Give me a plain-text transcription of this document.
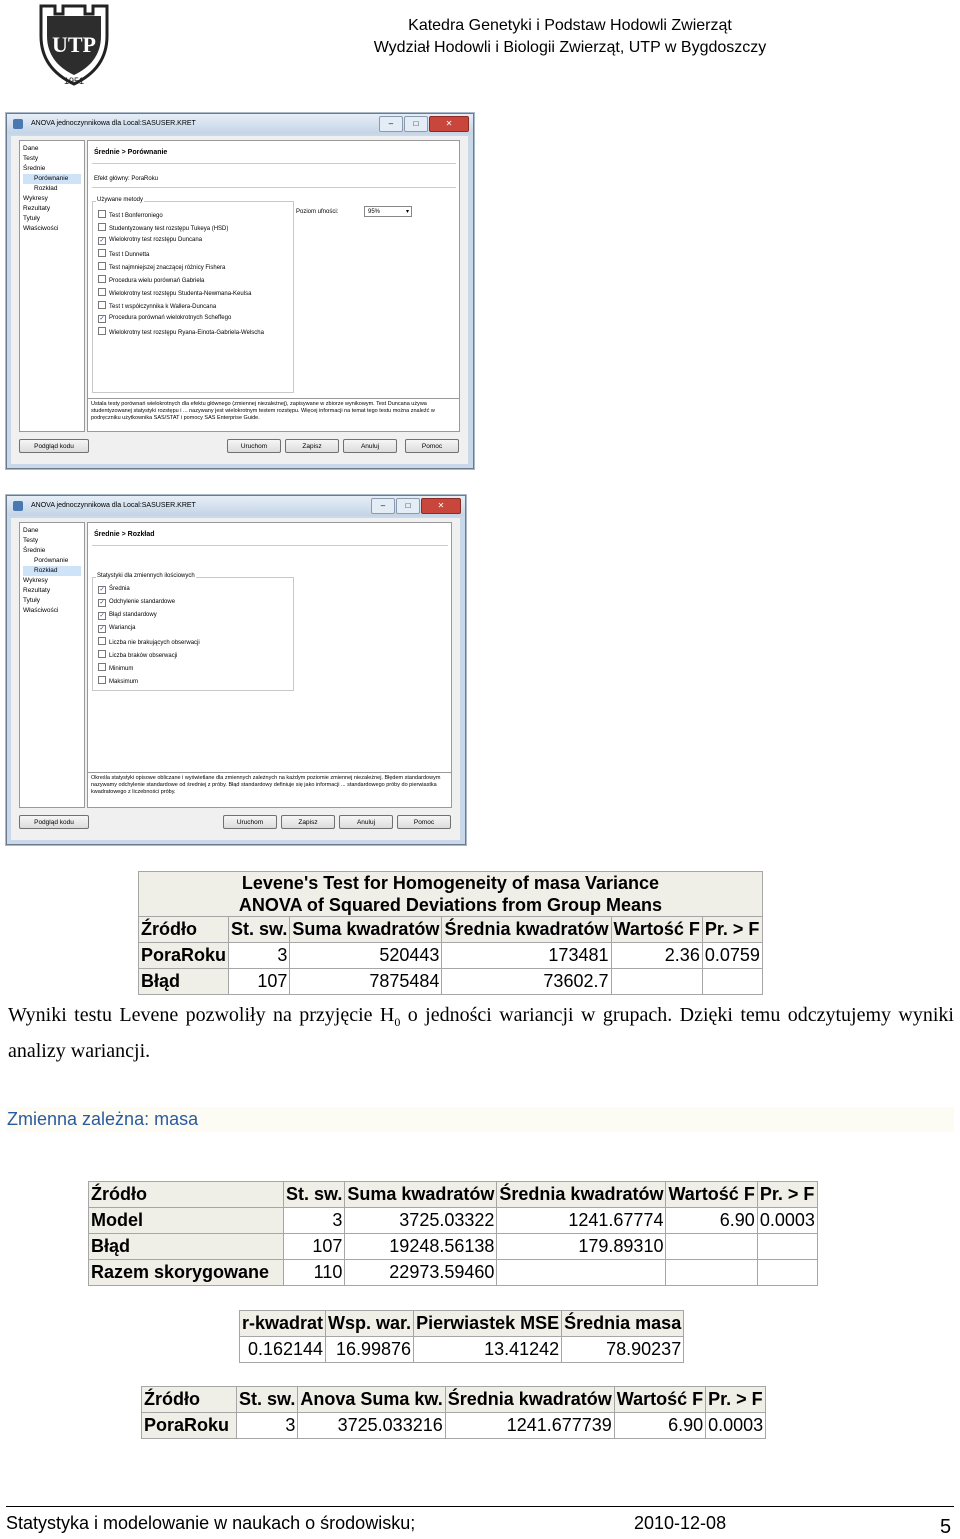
UTP
1951
Katedra Genetyki i Podstaw Hodowli Zwierząt
Wydział Hodowli i Biologii Zwierząt, UTP w Bygdoszczy
ANOVA jednoczynnikowa dla Local:SASUSER.KRET	–	□	✕
Dane
Testy
Średnie
Porównanie
Rozkład
Wykresy
Rezultaty
Tytuły
Właściwości
Średnie > Porównanie
Efekt główny: PoraRoku
Używane metody
Test t Bonferroniego
Studentyzowany test rozstępu Tukeya (HSD)
✓ Wielokrotny test rozstępu Duncana
Test t Dunnetta
Test najmniejszej znaczącej różnicy Fishera
Procedura wielu porównań Gabriela
Wielokrotny test rozstępu Studenta-Newmana-Keulsa
Test t współczynnika k Wallera-Duncana
✓ Procedura porównań wielokrotnych Scheffego
Wielokrotny test rozstępu Ryana-Einota-Gabriela-Welscha
Poziom ufności:	95%	▾
Ustala testy porównań wielokrotnych dla efektu głównego (zmiennej niezależnej), zapisywane w zbiorze wynikowym. Test Duncana używa studentyzowanej statystyki rozstępu i ... nazywany jest wielokrotnym testem rozstępu. Więcej informacji na temat tego testu można znaleźć w podręczniku użytkownika SAS/STAT i pomocy SAS Enterprise Guide.
Podgląd kodu	Uruchom	Zapisz	Anuluj	Pomoc
ANOVA jednoczynnikowa dla Local:SASUSER.KRET	–	□	✕
Dane
Testy
Średnie
Porównanie
Rozkład
Wykresy
Rezultaty
Tytuły
Właściwości
Średnie > Rozkład
Statystyki dla zmiennych ilościowych
✓ Średnia
✓ Odchylenie standardowe
✓ Błąd standardowy
✓ Wariancja
Liczba nie brakujących obserwacji
Liczba braków obserwacji
Minimum
Maksimum
Określa statystyki opisowe obliczane i wyświetlane dla zmiennych zależnych na każdym poziomie zmiennej niezależnej. Błędem standardowym nazywamy odchylenie standardowe od średniej z próby. Błąd standardowy definiuje się jako informacji ... standardowego próby do pierwiastka kwadratowego z liczebności próby.
Podgląd kodu	Uruchom	Zapisz	Anuluj	Pomoc
Levene's Test for Homogeneity of masa Variance					
ANOVA of Squared Deviations from Group Means					
Źródło	St. sw.	Suma kwadratów	Średnia kwadratów	Wartość F	Pr. > F
PoraRoku	3	520443	173481	2.36	0.0759
Błąd	107	7875484	73602.7		
Wyniki testu Levene pozwoliły na przyjęcie $H_0$ o jedności wariancji w grupach. Dzięki temu odczytujemy wyniki analizy wariancji.
Zmienna zależna: masa
Źródło	St. sw.	Suma kwadratów	Średnia kwadratów	Wartość F	Pr. > F
Model	3	3725.03322	1241.67774	6.90	0.0003
Błąd	107	19248.56138	179.89310		
Razem skorygowane	110	22973.59460			
r-kwadrat	Wsp. war.	Pierwiastek MSE	Średnia masa
0.162144	16.99876	13.41242	78.90237
Źródło	St. sw.	Anova Suma kw.	Średnia kwadratów	Wartość F	Pr. > F
PoraRoku	3	3725.033216	1241.677739	6.90	0.0003
Statystyka i modelowanie w naukach o środowisku;	2010-12-08	5
